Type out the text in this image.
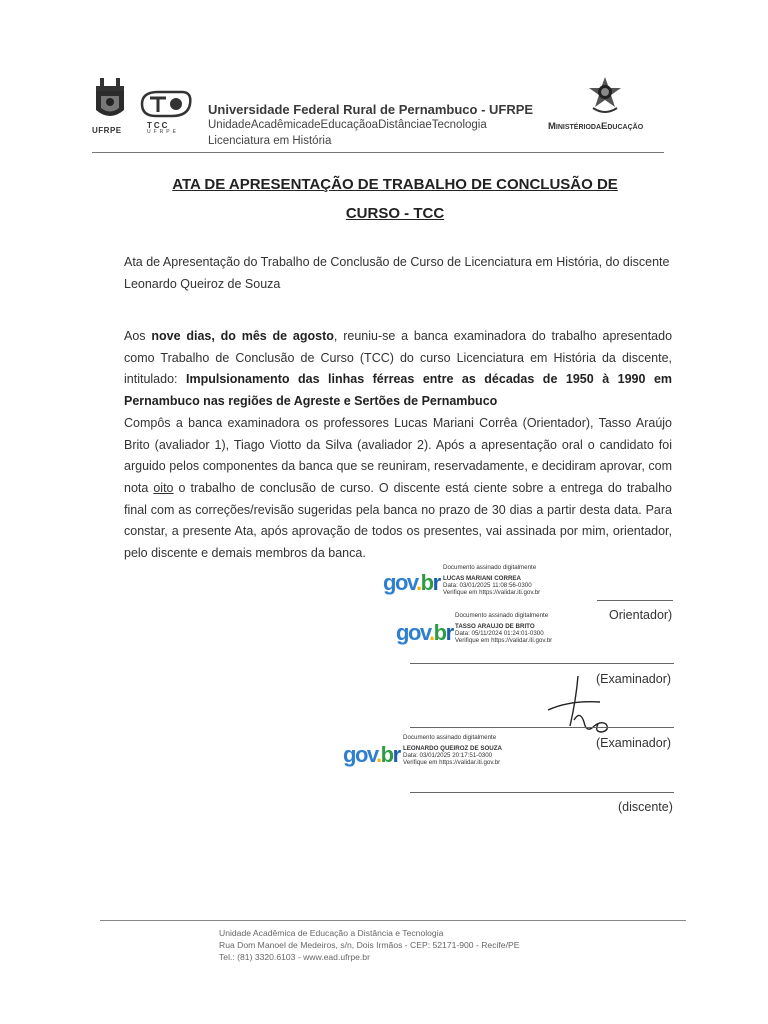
UFRPE
TCC
UFRPE
Universidade Federal Rural de Pernambuco - UFRPE
UnidadeAcadêmicadeEducaçãoaDistânciaeTecnologia
Licenciatura em História
MinistériodaEducação
ATA DE APRESENTAÇÃO DE TRABALHO DE CONCLUSÃO DE
CURSO - TCC
Ata de Apresentação do Trabalho de Conclusão de Curso de Licenciatura em História, do discente Leonardo Queiroz de Souza
Aos nove dias, do mês de agosto, reuniu-se a banca examinadora do trabalho apresentado como Trabalho de Conclusão de Curso (TCC) do curso Licenciatura em História da discente, intitulado: Impulsionamento das linhas férreas entre as décadas de 1950 à 1990 em Pernambuco nas regiões de Agreste e Sertões de Pernambuco
Compôs a banca examinadora os professores Lucas Mariani Corrêa (Orientador), Tasso Araújo Brito (avaliador 1), Tiago Viotto da Silva (avaliador 2). Após a apresentação oral o candidato foi arguido pelos componentes da banca que se reuniram, reservadamente, e decidiram aprovar, com nota oito o trabalho de conclusão de curso. O discente está ciente sobre a entrega do trabalho final com as correções/revisão sugeridas pela banca no prazo de 30 dias a partir desta data. Para constar, a presente Ata, após aprovação de todos os presentes, vai assinada por mim, orientador, pelo discente e demais membros da banca.
gov.br
Documento assinado digitalmente
LUCAS MARIANI CORREA
Data: 03/01/2025 11:08:56-0300
Verifique em https://validar.iti.gov.br
Orientador)
gov.br
Documento assinado digitalmente
TASSO ARAUJO DE BRITO
Data: 05/11/2024 01:24:01-0300
Verifique em https://validar.iti.gov.br
(Examinador)
(Examinador)
gov.br
Documento assinado digitalmente
LEONARDO QUEIROZ DE SOUZA
Data: 03/01/2025 20:17:51-0300
Verifique em https://validar.iti.gov.br
(discente)
Unidade Acadêmica de Educação a Distância e Tecnologia
Rua Dom Manoel de Medeiros, s/n, Dois Irmãos - CEP: 52171-900 - Recife/PE
Tel.: (81) 3320.6103 - www.ead.ufrpe.br
